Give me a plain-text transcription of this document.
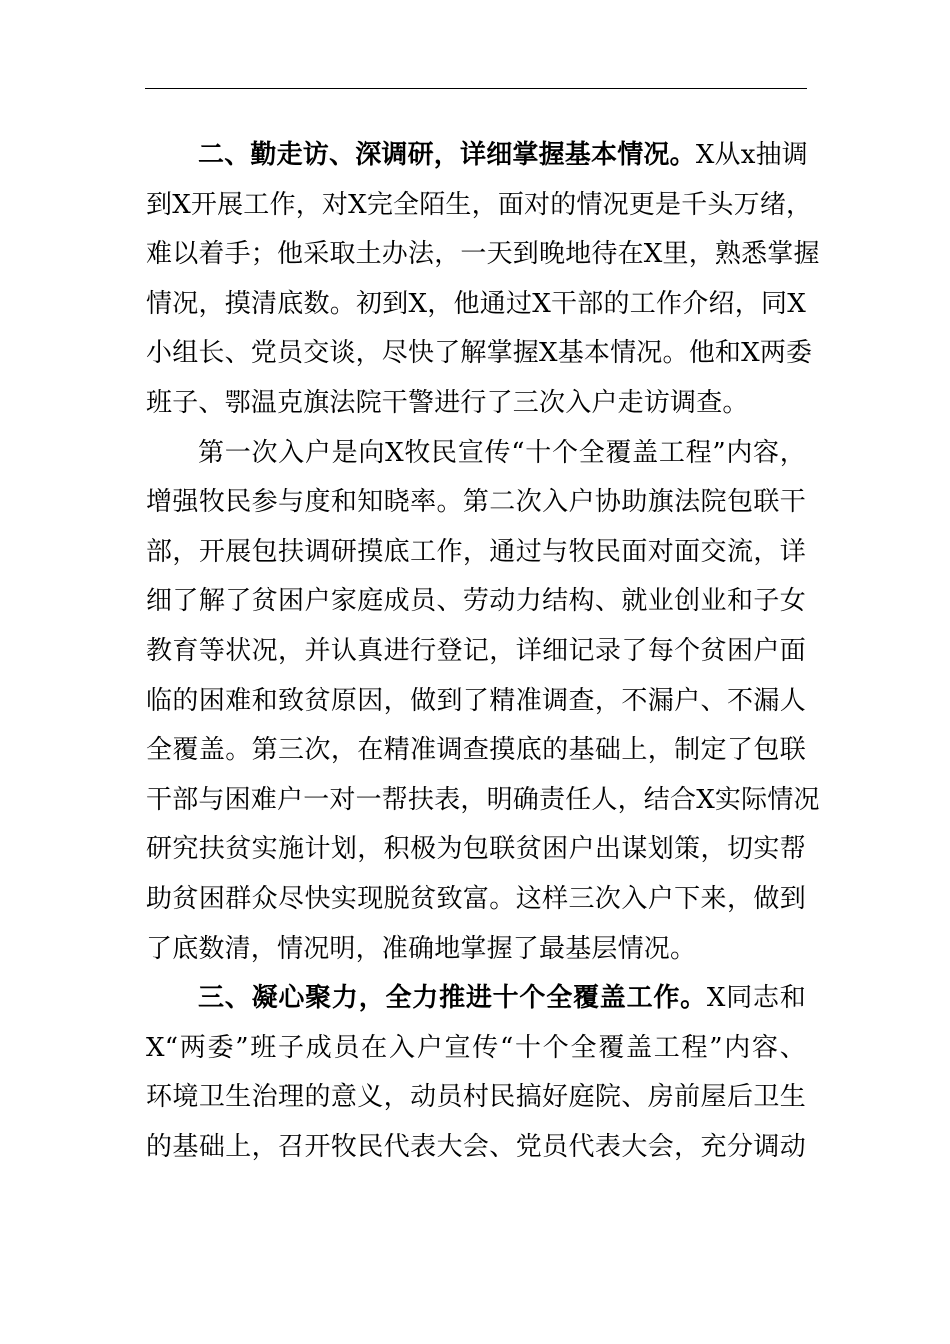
二、勤走访、深调研，详细掌握基本情况。X从x抽调
到X开展工作，对X完全陌生，面对的情况更是千头万绪，
难以着手；他采取土办法，一天到晚地待在X里，熟悉掌握
情况，摸清底数。初到X，他通过X干部的工作介绍，同X
小组长、党员交谈，尽快了解掌握X基本情况。他和X两委
班子、鄂温克旗法院干警进行了三次入户走访调查。

第一次入户是向X牧民宣传“十个全覆盖工程”内容，
增强牧民参与度和知晓率。第二次入户协助旗法院包联干
部，开展包扶调研摸底工作，通过与牧民面对面交流，详
细了解了贫困户家庭成员、劳动力结构、就业创业和子女
教育等状况，并认真进行登记，详细记录了每个贫困户面
临的困难和致贫原因，做到了精准调查，不漏户、不漏人
全覆盖。第三次，在精准调查摸底的基础上，制定了包联
干部与困难户一对一帮扶表，明确责任人，结合X实际情况
研究扶贫实施计划，积极为包联贫困户出谋划策，切实帮
助贫困群众尽快实现脱贫致富。这样三次入户下来，做到
了底数清，情况明，准确地掌握了最基层情况。

三、凝心聚力，全力推进十个全覆盖工作。X同志和
X“两委”班子成员在入户宣传“十个全覆盖工程”内容、
环境卫生治理的意义，动员村民搞好庭院、房前屋后卫生
的基础上，召开牧民代表大会、党员代表大会，充分调动
